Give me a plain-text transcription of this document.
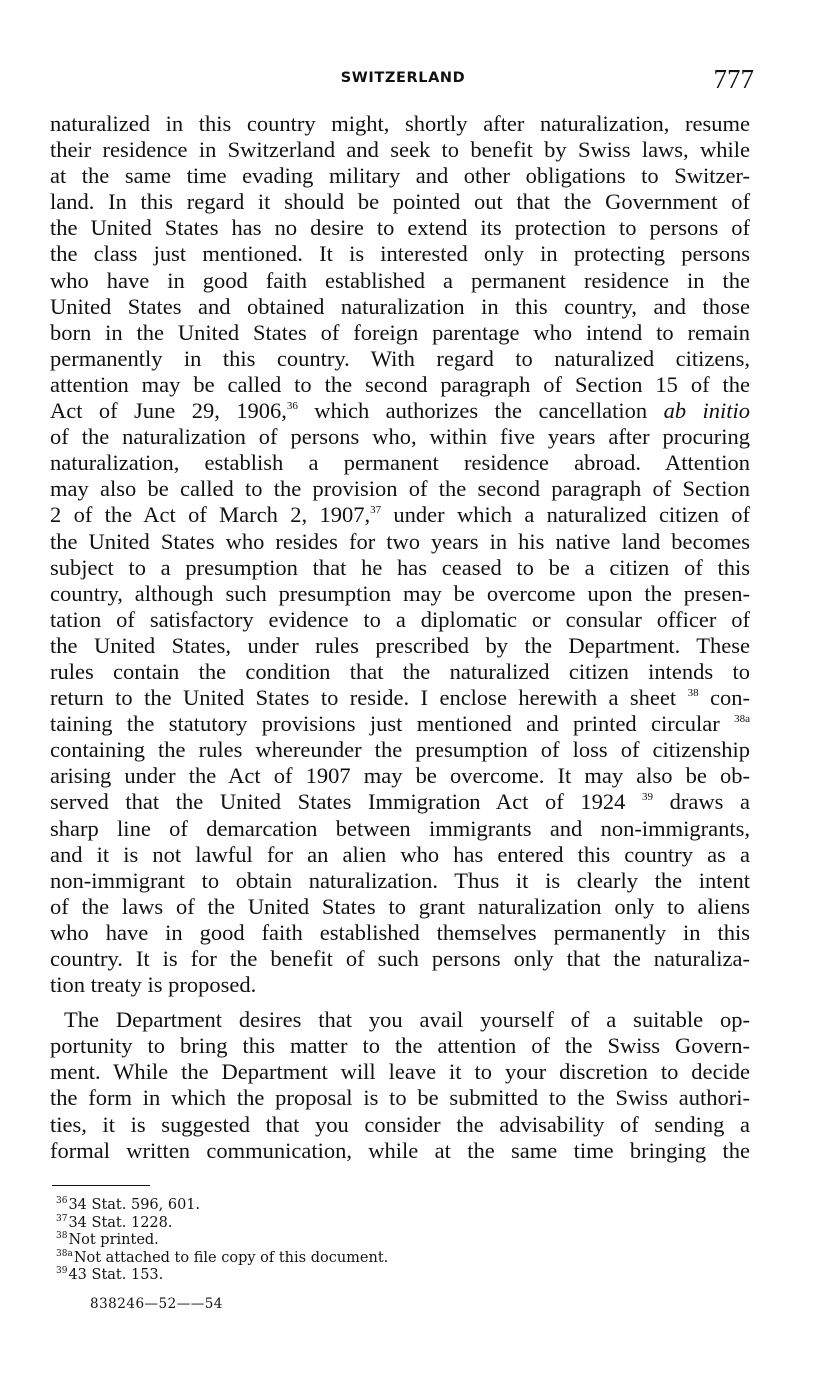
SWITZERLAND	777
naturalized in this country might, shortly after naturalization, resume
their residence in Switzerland and seek to benefit by Swiss laws, while
at the same time evading military and other obligations to Switzer-
land. In this regard it should be pointed out that the Government of
the United States has no desire to extend its protection to persons of
the class just mentioned. It is interested only in protecting persons
who have in good faith established a permanent residence in the
United States and obtained naturalization in this country, and those
born in the United States of foreign parentage who intend to remain
permanently in this country. With regard to naturalized citizens,
attention may be called to the second paragraph of Section 15 of the
Act of June 29, 1906,36 which authorizes the cancellation ab initio
of the naturalization of persons who, within five years after procuring
naturalization, establish a permanent residence abroad. Attention
may also be called to the provision of the second paragraph of Section
2 of the Act of March 2, 1907,37 under which a naturalized citizen of
the United States who resides for two years in his native land becomes
subject to a presumption that he has ceased to be a citizen of this
country, although such presumption may be overcome upon the presen-
tation of satisfactory evidence to a diplomatic or consular officer of
the United States, under rules prescribed by the Department. These
rules contain the condition that the naturalized citizen intends to
return to the United States to reside. I enclose herewith a sheet $^{38}$ con-
taining the statutory provisions just mentioned and printed circular $^{38a}$
containing the rules whereunder the presumption of loss of citizenship
arising under the Act of 1907 may be overcome. It may also be ob-
served that the United States Immigration Act of 1924 $^{39}$ draws a
sharp line of demarcation between immigrants and non-immigrants,
and it is not lawful for an alien who has entered this country as a
non-immigrant to obtain naturalization. Thus it is clearly the intent
of the laws of the United States to grant naturalization only to aliens
who have in good faith established themselves permanently in this
country. It is for the benefit of such persons only that the naturaliza-
tion treaty is proposed.
The Department desires that you avail yourself of a suitable op-
portunity to bring this matter to the attention of the Swiss Govern-
ment. While the Department will leave it to your discretion to decide
the form in which the proposal is to be submitted to the Swiss authori-
ties, it is suggested that you consider the advisability of sending a
formal written communication, while at the same time bringing the
$^{36}$34 Stat. 596, 601.
$^{37}$34 Stat. 1228.
$^{38}$Not printed.
$^{38a}$Not attached to file copy of this document.
$^{39}$43 Stat. 153.
838246—52——54
